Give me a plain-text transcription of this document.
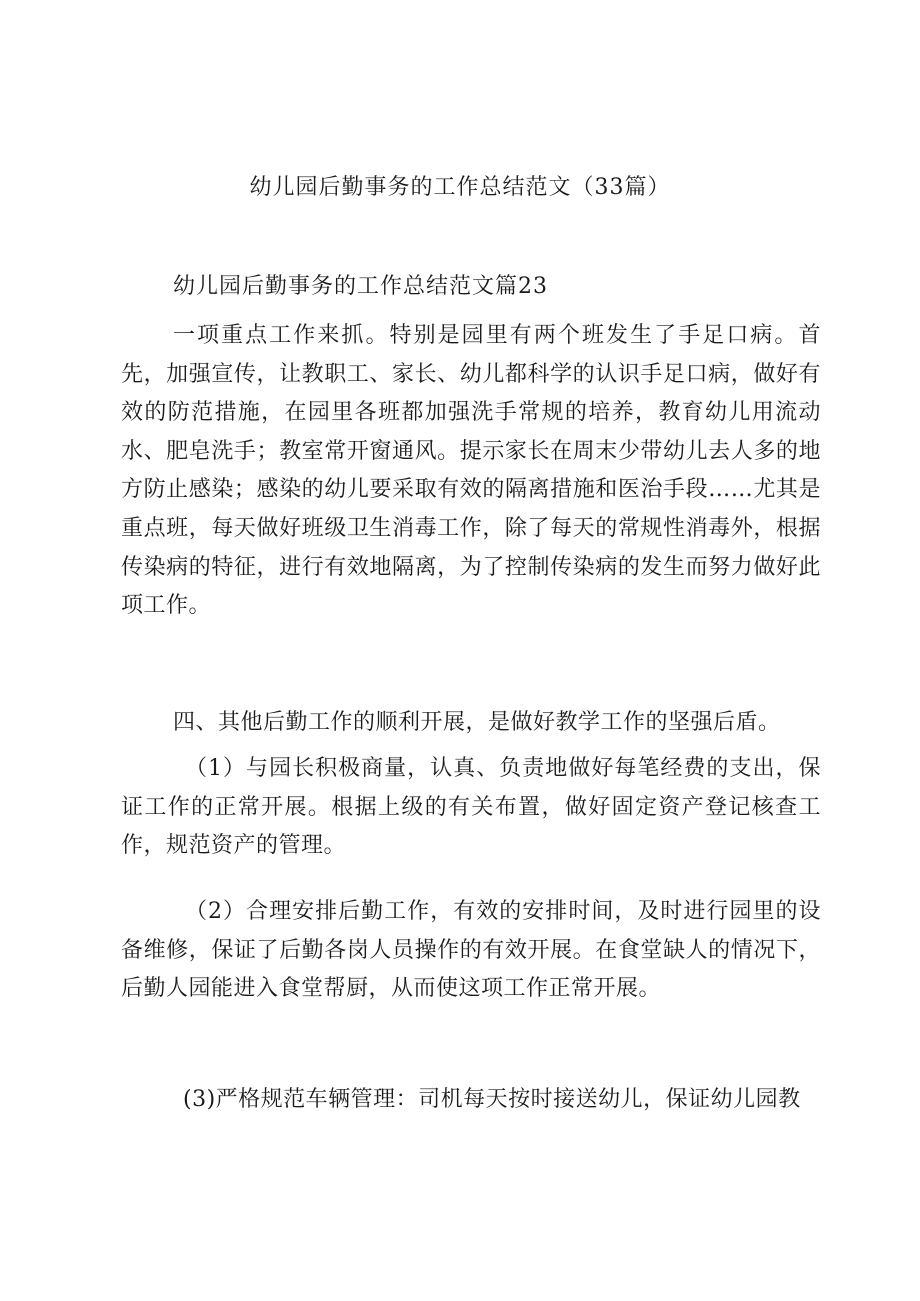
幼儿园后勤事务的工作总结范文（33篇）
幼儿园后勤事务的工作总结范文篇23

一项重点工作来抓。特别是园里有两个班发生了手足口病。首先，加强宣传，让教职工、家长、幼儿都科学的认识手足口病，做好有效的防范措施，在园里各班都加强洗手常规的培养，教育幼儿用流动水、肥皂洗手；教室常开窗通风。提示家长在周末少带幼儿去人多的地方防止感染；感染的幼儿要采取有效的隔离措施和医治手段……尤其是重点班，每天做好班级卫生消毒工作，除了每天的常规性消毒外，根据传染病的特征，进行有效地隔离，为了控制传染病的发生而努力做好此项工作。

四、其他后勤工作的顺利开展，是做好教学工作的坚强后盾。

（1）与园长积极商量，认真、负责地做好每笔经费的支出，保证工作的正常开展。根据上级的有关布置，做好固定资产登记核查工作，规范资产的管理。

（2）合理安排后勤工作，有效的安排时间，及时进行园里的设备维修，保证了后勤各岗人员操作的有效开展。在食堂缺人的情况下，后勤人园能进入食堂帮厨，从而使这项工作正常开展。

(3)严格规范车辆管理：司机每天按时接送幼儿，保证幼儿园教
